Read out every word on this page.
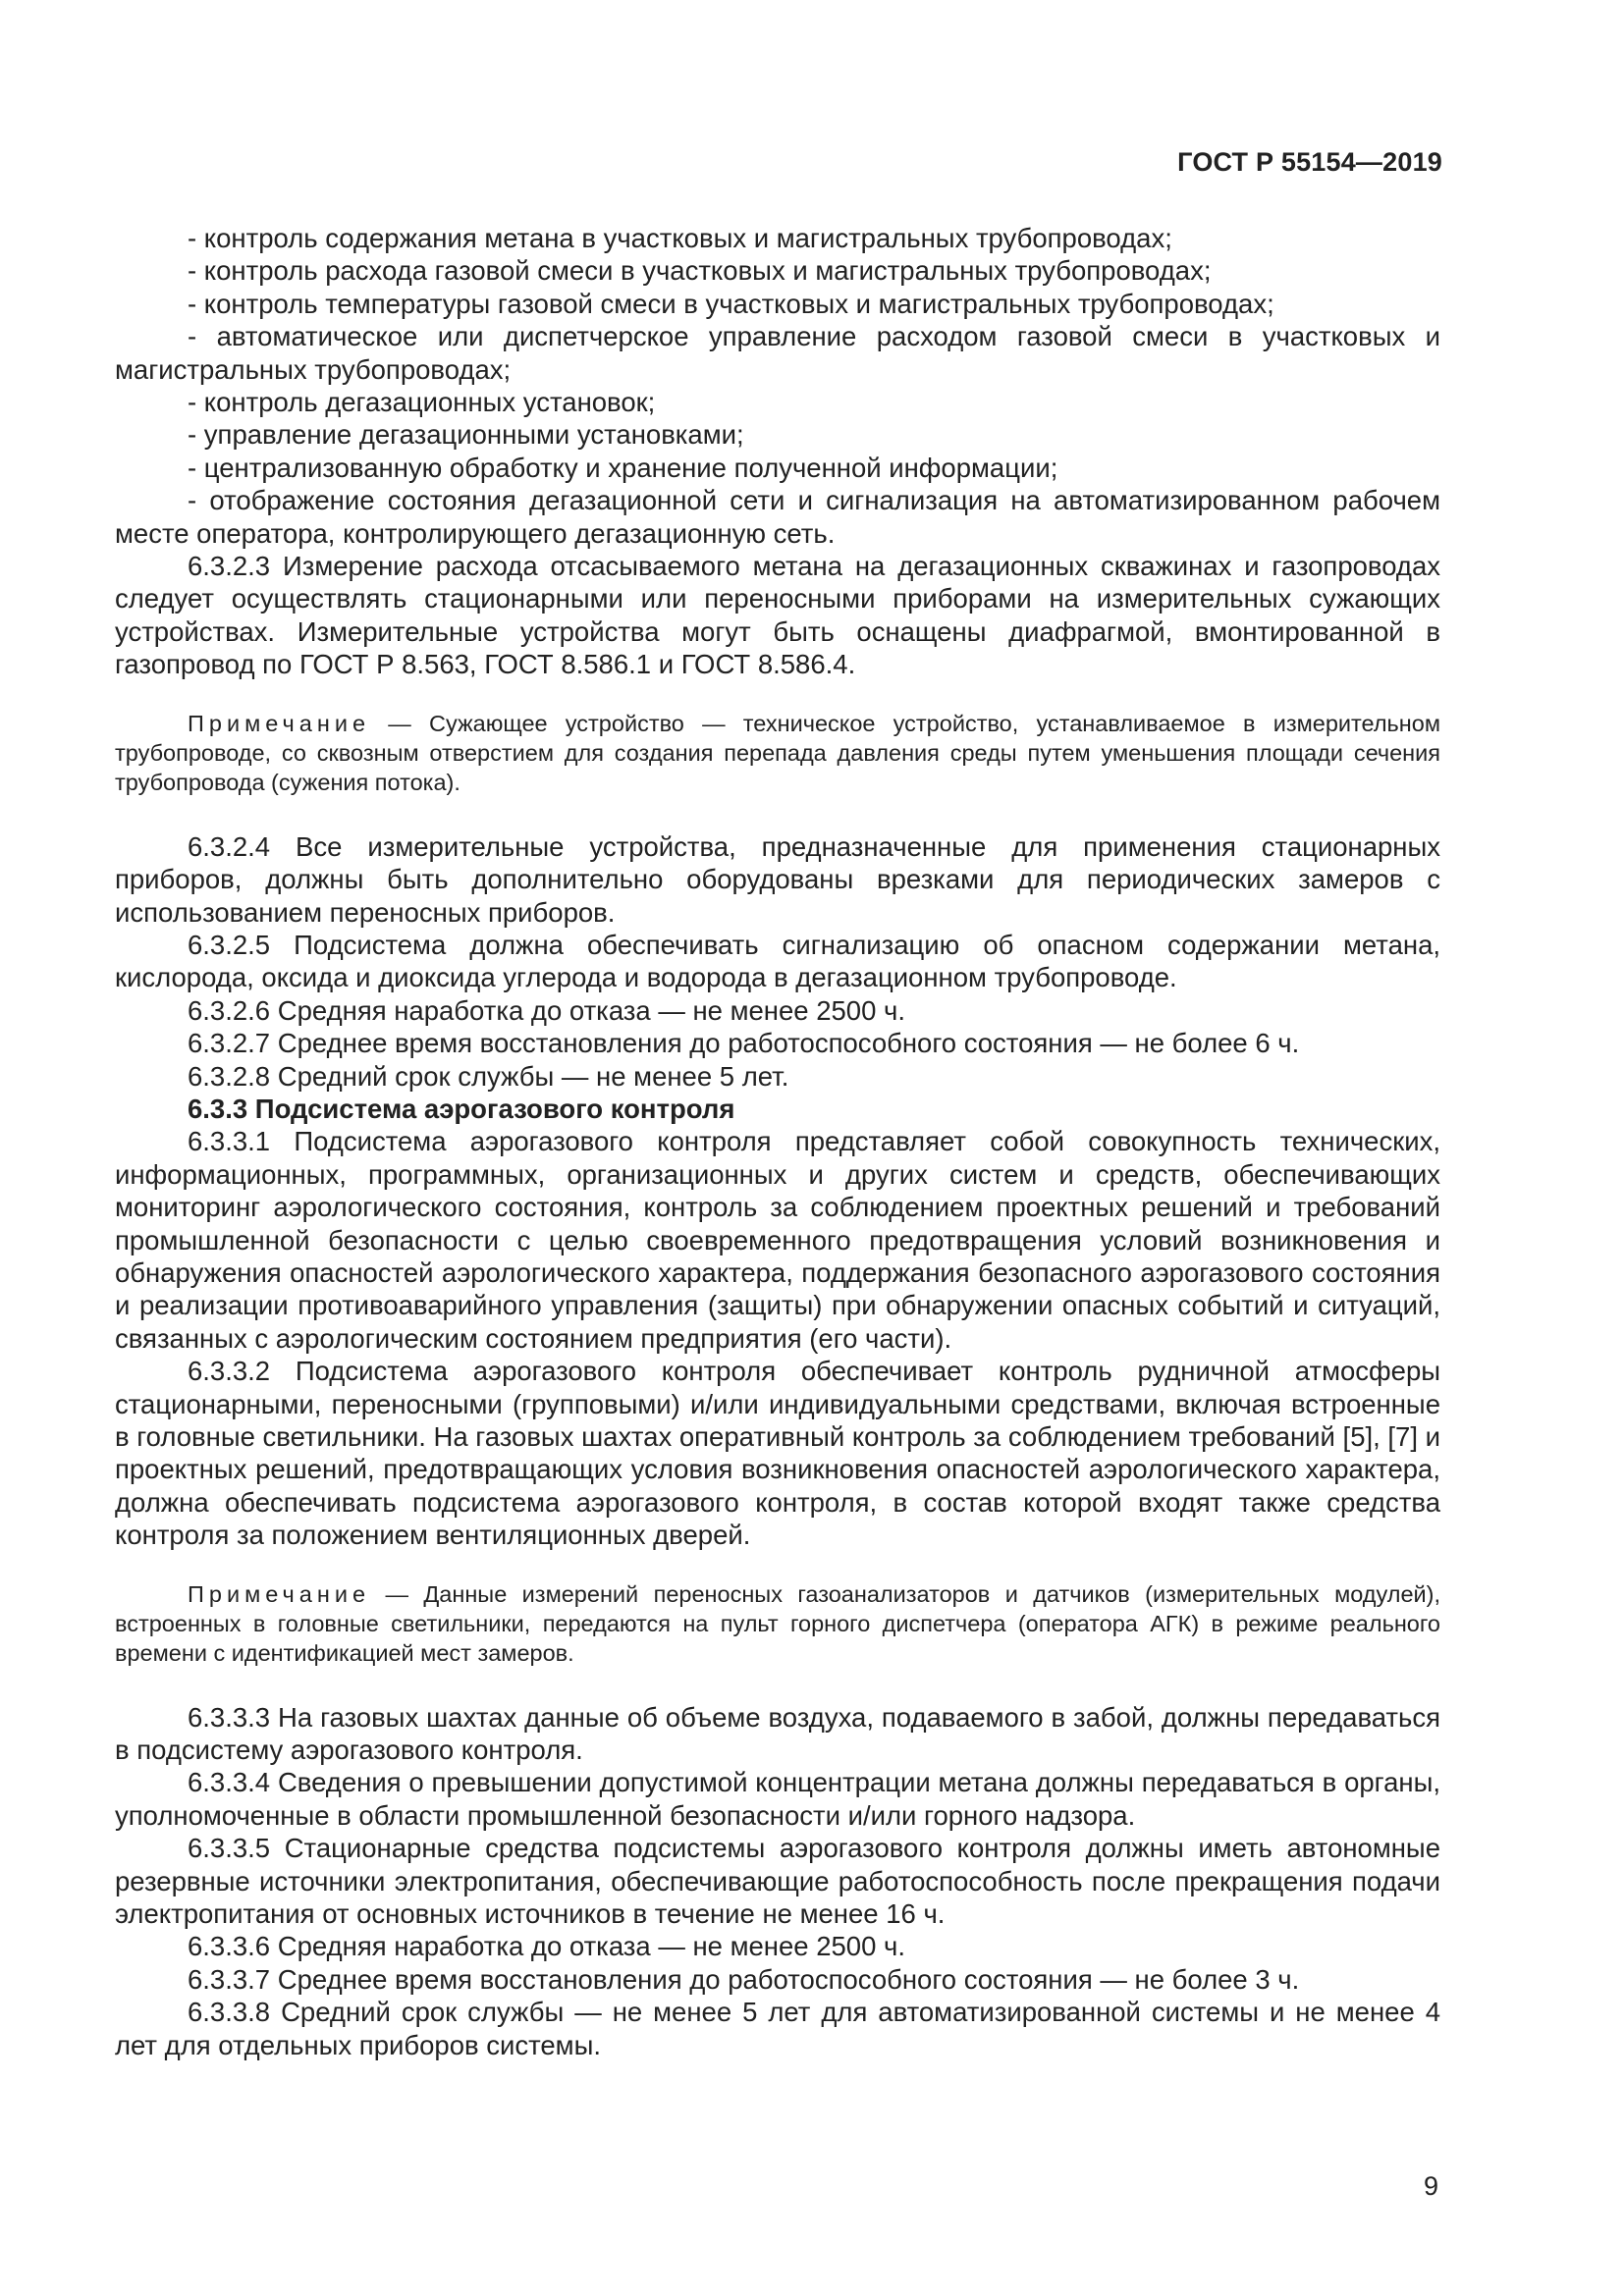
ГОСТ Р 55154—2019

- контроль содержания метана в участковых и магистральных трубопроводах;

- контроль расхода газовой смеси в участковых и магистральных трубопроводах;

- контроль температуры газовой смеси в участковых и магистральных трубопроводах;

- автоматическое или диспетчерское управление расходом газовой смеси в участковых и магистральных трубопроводах;

- контроль дегазационных установок;

- управление дегазационными установками;

- централизованную обработку и хранение полученной информации;

- отображение состояния дегазационной сети и сигнализация на автоматизированном рабочем месте оператора, контролирующего дегазационную сеть.

6.3.2.3 Измерение расхода отсасываемого метана на дегазационных скважинах и газопроводах следует осуществлять стационарными или переносными приборами на измерительных сужающих устройствах. Измерительные устройства могут быть оснащены диафрагмой, вмонтированной в газопровод по ГОСТ Р 8.563, ГОСТ 8.586.1 и ГОСТ 8.586.4.

Примечание — Сужающее устройство — техническое устройство, устанавливаемое в измерительном трубопроводе, со сквозным отверстием для создания перепада давления среды путем уменьшения площади сечения трубопровода (сужения потока).

6.3.2.4 Все измерительные устройства, предназначенные для применения стационарных приборов, должны быть дополнительно оборудованы врезками для периодических замеров с использованием переносных приборов.

6.3.2.5 Подсистема должна обеспечивать сигнализацию об опасном содержании метана, кислорода, оксида и диоксида углерода и водорода в дегазационном трубопроводе.

6.3.2.6 Средняя наработка до отказа — не менее 2500 ч.

6.3.2.7 Среднее время восстановления до работоспособного состояния — не более 6 ч.

6.3.2.8 Средний срок службы — не менее 5 лет.

6.3.3 Подсистема аэрогазового контроля

6.3.3.1 Подсистема аэрогазового контроля представляет собой совокупность технических, информационных, программных, организационных и других систем и средств, обеспечивающих мониторинг аэрологического состояния, контроль за соблюдением проектных решений и требований промышленной безопасности с целью своевременного предотвращения условий возникновения и обнаружения опасностей аэрологического характера, поддержания безопасного аэрогазового состояния и реализации противоаварийного управления (защиты) при обнаружении опасных событий и ситуаций, связанных с аэрологическим состоянием предприятия (его части).

6.3.3.2 Подсистема аэрогазового контроля обеспечивает контроль рудничной атмосферы стационарными, переносными (групповыми) и/или индивидуальными средствами, включая встроенные в головные светильники. На газовых шахтах оперативный контроль за соблюдением требований [5], [7] и проектных решений, предотвращающих условия возникновения опасностей аэрологического характера, должна обеспечивать подсистема аэрогазового контроля, в состав которой входят также средства контроля за положением вентиляционных дверей.

Примечание — Данные измерений переносных газоанализаторов и датчиков (измерительных модулей), встроенных в головные светильники, передаются на пульт горного диспетчера (оператора АГК) в режиме реального времени с идентификацией мест замеров.

6.3.3.3 На газовых шахтах данные об объеме воздуха, подаваемого в забой, должны передаваться в подсистему аэрогазового контроля.

6.3.3.4 Сведения о превышении допустимой концентрации метана должны передаваться в органы, уполномоченные в области промышленной безопасности и/или горного надзора.

6.3.3.5 Стационарные средства подсистемы аэрогазового контроля должны иметь автономные резервные источники электропитания, обеспечивающие работоспособность после прекращения подачи электропитания от основных источников в течение не менее 16 ч.

6.3.3.6 Средняя наработка до отказа — не менее 2500 ч.

6.3.3.7 Среднее время восстановления до работоспособного состояния — не более 3 ч.

6.3.3.8 Средний срок службы — не менее 5 лет для автоматизированной системы и не менее 4 лет для отдельных приборов системы.

9
